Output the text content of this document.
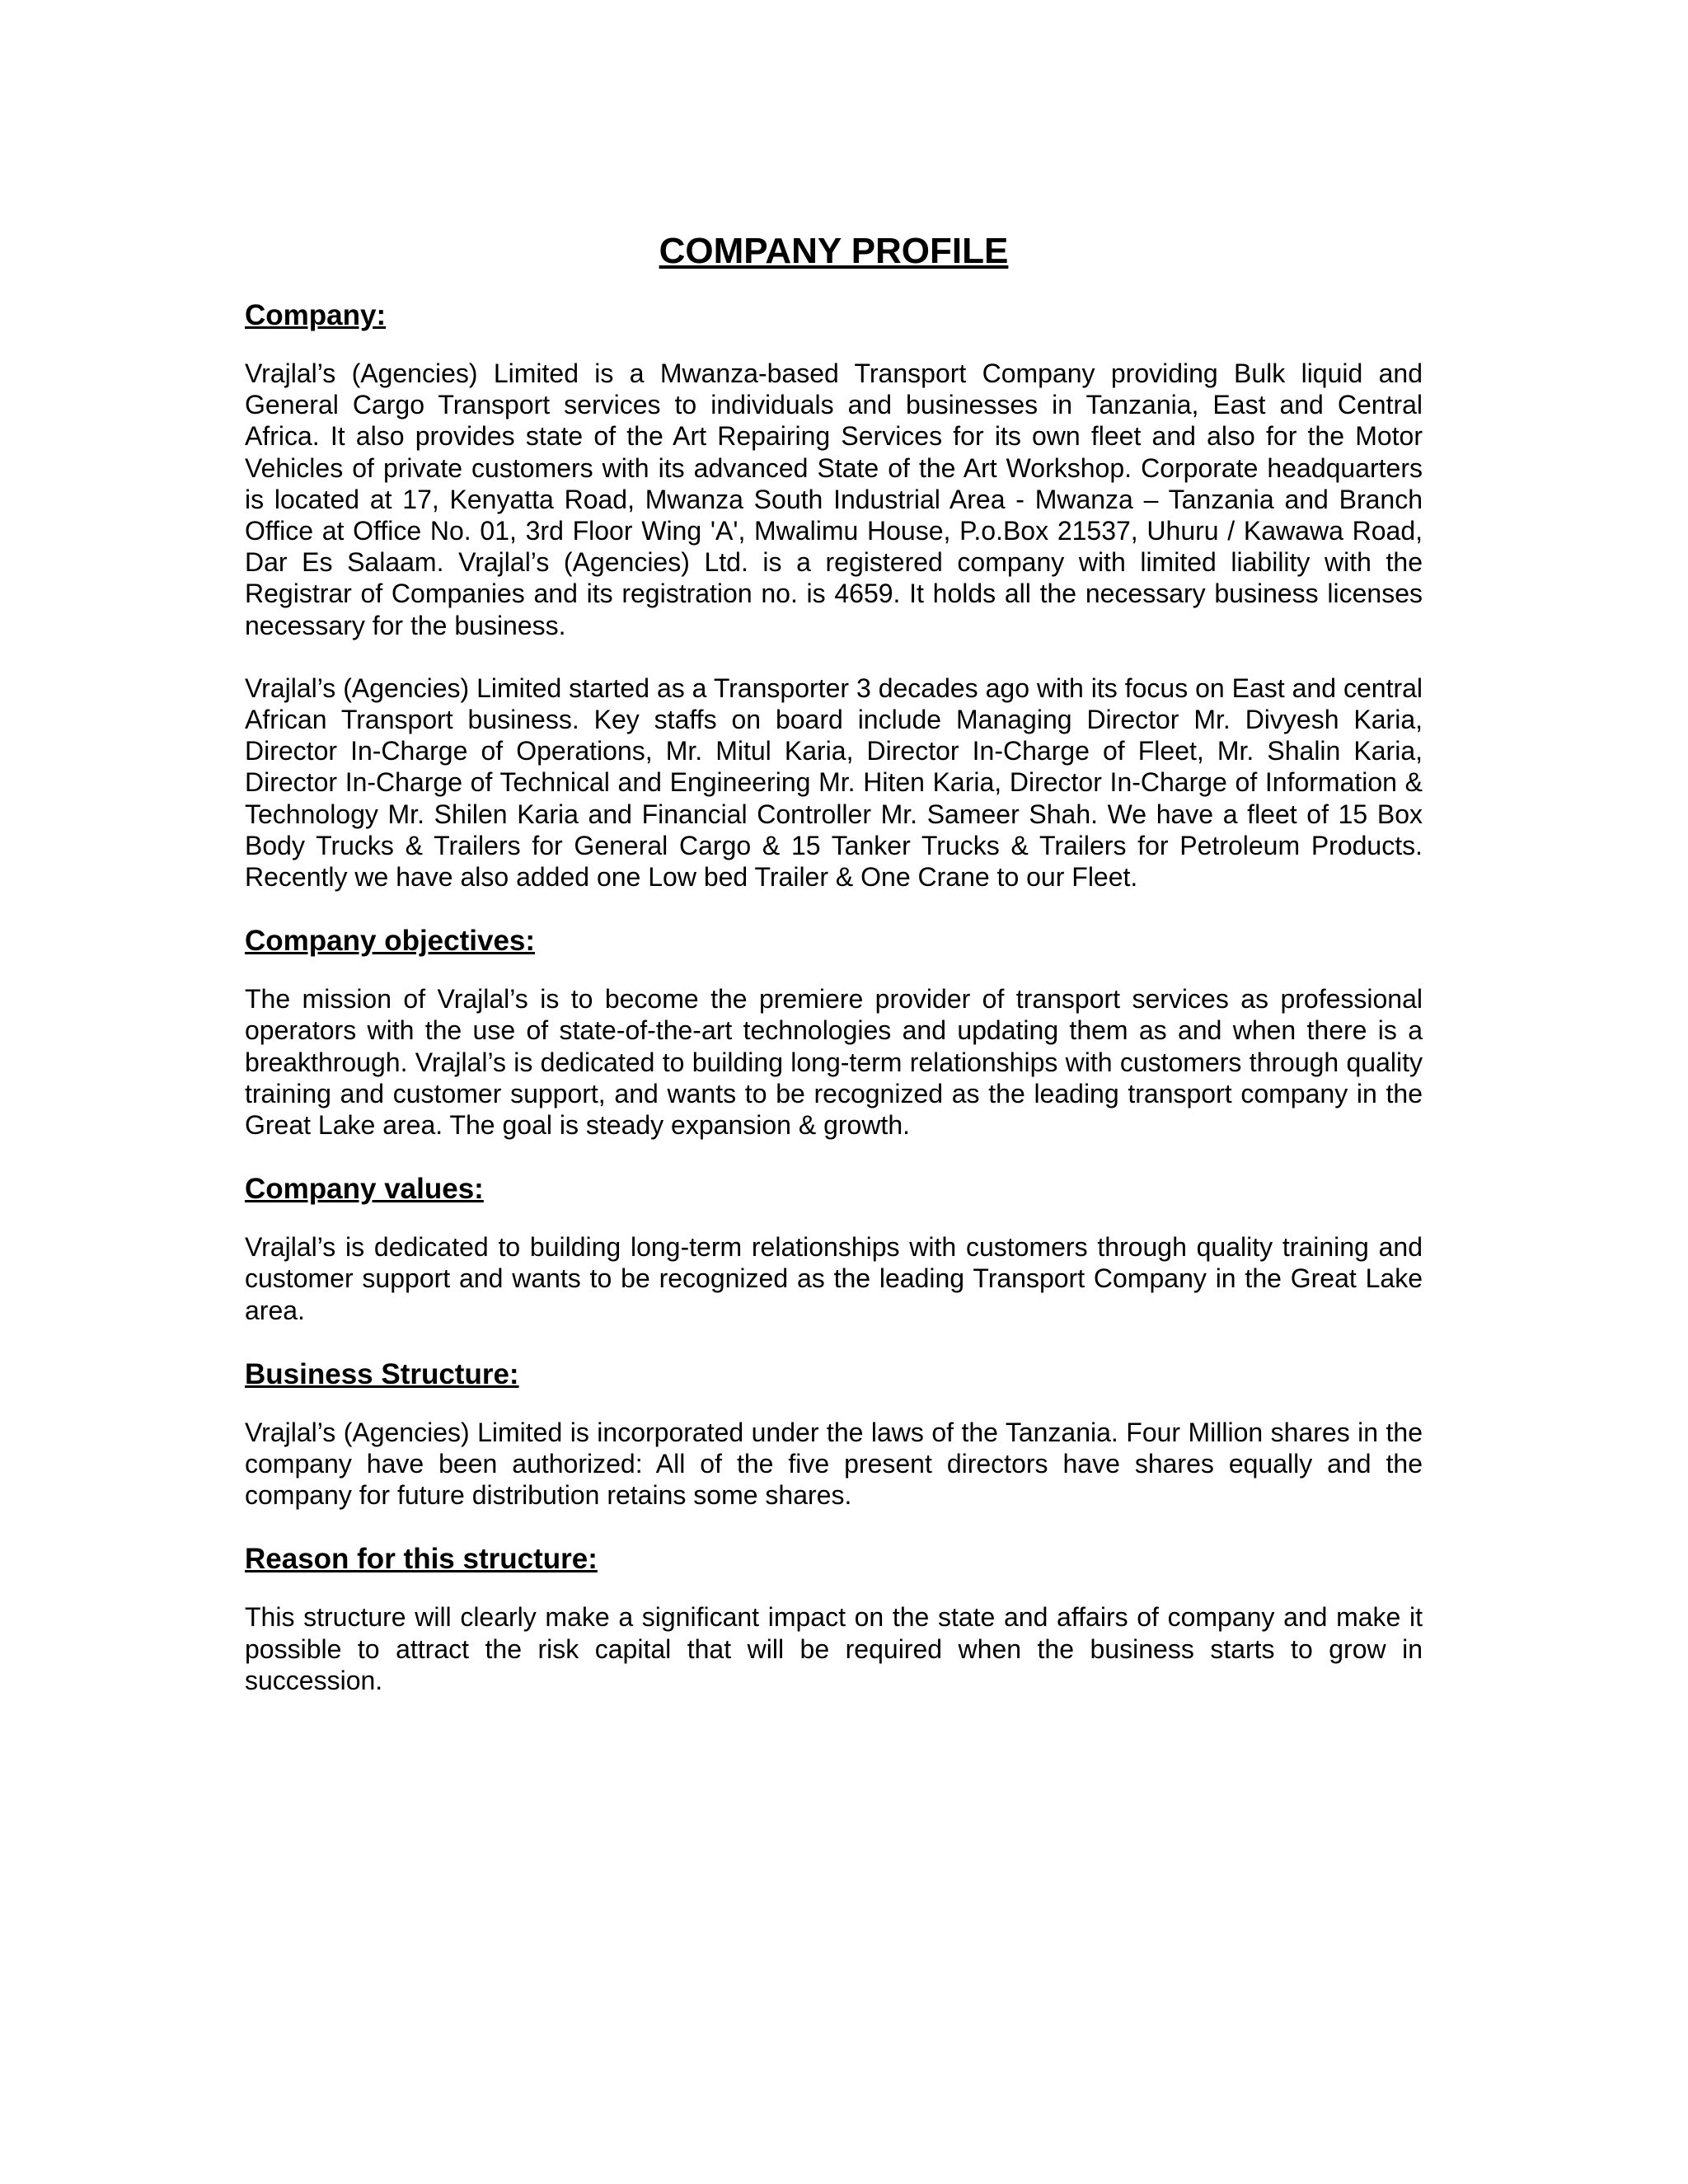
COMPANY PROFILE
Company:

Vrajlal’s (Agencies) Limited is a Mwanza-based Transport Company providing Bulk liquid and General Cargo Transport services to individuals and businesses in Tanzania, East and Central Africa. It also provides state of the Art Repairing Services for its own fleet and also for the Motor Vehicles of private customers with its advanced State of the Art Workshop. Corporate headquarters is located at 17, Kenyatta Road, Mwanza South Industrial Area - Mwanza – Tanzania and Branch Office at Office No. 01, 3rd Floor Wing 'A', Mwalimu House, P.o.Box 21537, Uhuru / Kawawa Road, Dar Es Salaam. Vrajlal’s (Agencies) Ltd. is a registered company with limited liability with the Registrar of Companies and its registration no. is 4659. It holds all the necessary business licenses necessary for the business.

Vrajlal’s (Agencies) Limited started as a Transporter 3 decades ago with its focus on East and central African Transport business. Key staffs on board include Managing Director Mr. Divyesh Karia, Director In-Charge of Operations, Mr. Mitul Karia, Director In-Charge of Fleet, Mr. Shalin Karia, Director In-Charge of Technical and Engineering Mr. Hiten Karia, Director In-Charge of Information & Technology Mr. Shilen Karia and Financial Controller Mr. Sameer Shah. We have a fleet of 15 Box Body Trucks & Trailers for General Cargo & 15 Tanker Trucks & Trailers for Petroleum Products. Recently we have also added one Low bed Trailer & One Crane to our Fleet.

Company objectives:

The mission of Vrajlal’s is to become the premiere provider of transport services as professional operators with the use of state-of-the-art technologies and updating them as and when there is a breakthrough. Vrajlal’s is dedicated to building long-term relationships with customers through quality training and customer support, and wants to be recognized as the leading transport company in the Great Lake area. The goal is steady expansion & growth.

Company values:

Vrajlal’s is dedicated to building long-term relationships with customers through quality training and customer support and wants to be recognized as the leading Transport Company in the Great Lake area.

Business Structure:

Vrajlal’s (Agencies) Limited is incorporated under the laws of the Tanzania. Four Million shares in the company have been authorized: All of the five present directors have shares equally and the company for future distribution retains some shares.

Reason for this structure:

This structure will clearly make a significant impact on the state and affairs of company and make it possible to attract the risk capital that will be required when the business starts to grow in succession.
